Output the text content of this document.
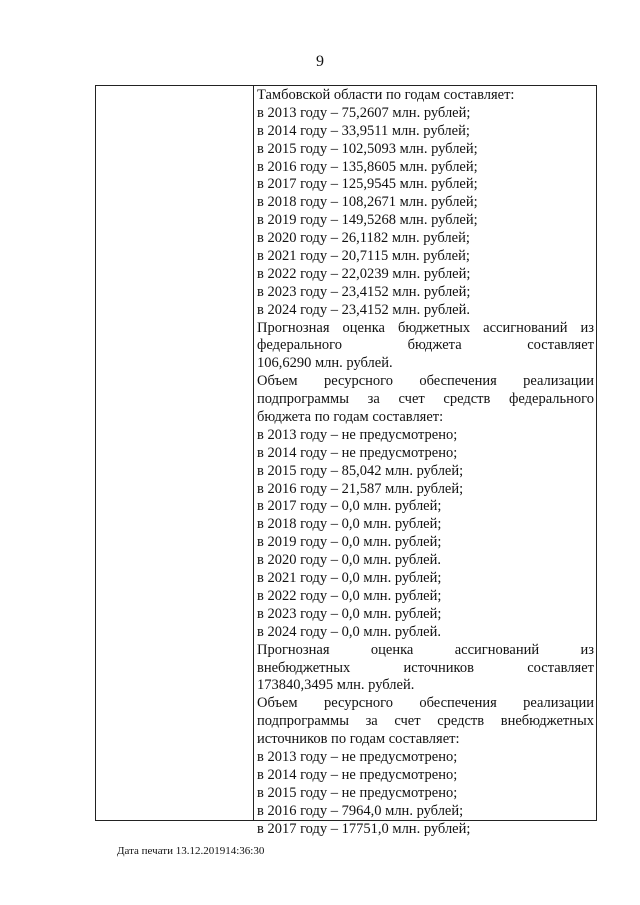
9
Тамбовской области по годам составляет:
в 2013 году – 75,2607 млн. рублей;
в 2014 году – 33,9511 млн. рублей;
в 2015 году – 102,5093 млн. рублей;
в 2016 году – 135,8605 млн. рублей;
в 2017 году – 125,9545 млн. рублей;
в 2018 году – 108,2671 млн. рублей;
в 2019 году – 149,5268 млн. рублей;
в 2020 году – 26,1182 млн. рублей;
в 2021 году – 20,7115 млн. рублей;
в 2022 году – 22,0239 млн. рублей;
в 2023 году – 23,4152 млн. рублей;
в 2024 году – 23,4152 млн. рублей.
Прогнозная оценка бюджетных ассигнований из
федерального бюджета составляет
106,6290 млн. рублей.
Объем ресурсного обеспечения реализации
подпрограммы за счет средств федерального
бюджета по годам составляет:
в 2013 году – не предусмотрено;
в 2014 году – не предусмотрено;
в 2015 году – 85,042 млн. рублей;
в 2016 году – 21,587 млн. рублей;
в 2017 году – 0,0 млн. рублей;
в 2018 году – 0,0 млн. рублей;
в 2019 году – 0,0 млн. рублей;
в 2020 году – 0,0 млн. рублей.
в 2021 году – 0,0 млн. рублей;
в 2022 году – 0,0 млн. рублей;
в 2023 году – 0,0 млн. рублей;
в 2024 году – 0,0 млн. рублей.
Прогнозная оценка ассигнований из
внебюджетных источников составляет
173840,3495 млн. рублей.
Объем ресурсного обеспечения реализации
подпрограммы за счет средств внебюджетных
источников по годам составляет:
в 2013 году – не предусмотрено;
в 2014 году – не предусмотрено;
в 2015 году – не предусмотрено;
в 2016 году – 7964,0 млн. рублей;
в 2017 году – 17751,0 млн. рублей;
Дата печати 13.12.201914:36:30
